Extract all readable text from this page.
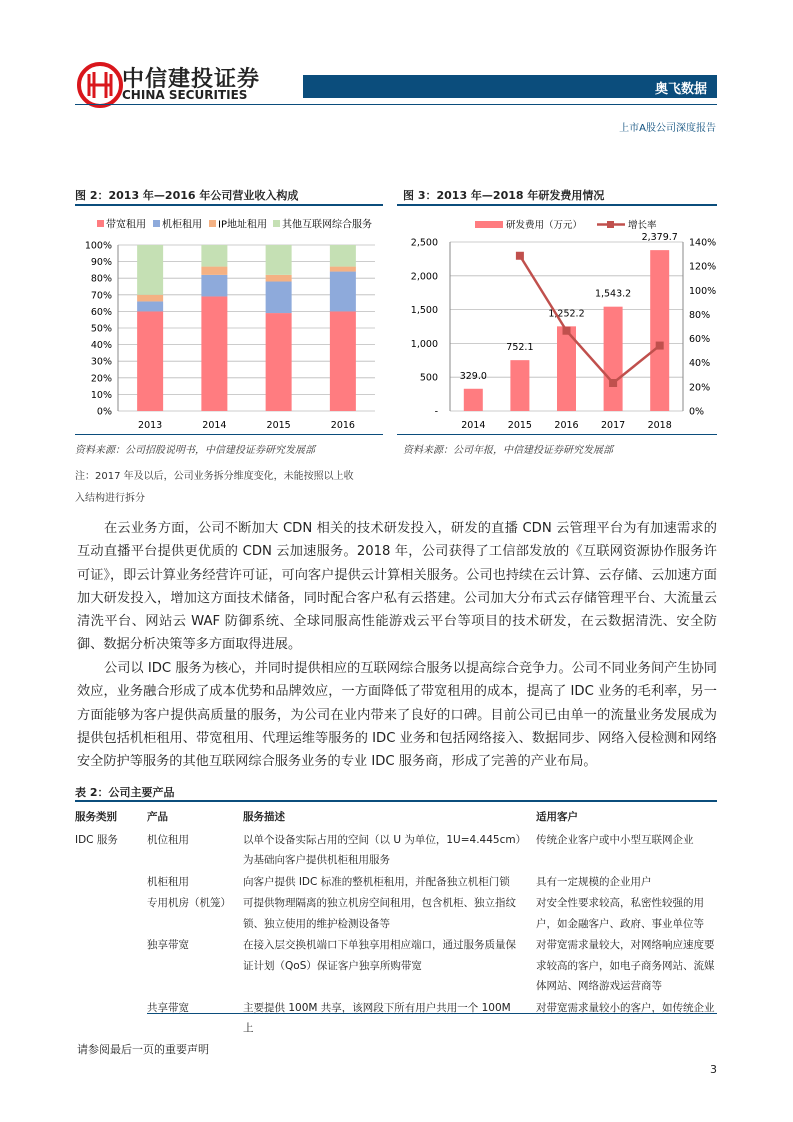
中信建投证券
CHINA SECURITIES	奥飞数据
上市A股公司深度报告
图 2：2013 年—2016 年公司营业收入构成
0%
10%
20%
30%
40%
50%
60%
70%
80%
90%
100%
2013	2014	2015	2016
带宽租用 机柜租用 IP地址租用 其他互联网综合服务
资料来源：公司招股说明书，中信建投证券研究发展部
注：2017 年及以后，公司业务拆分维度变化，未能按照以上收
入结构进行拆分
图 3：2013 年—2018 年研发费用情况
-
500
1,000
1,500
2,000
2,500
0%
20%
40%
60%
80%
100%
120%
140%
329.0
2014
752.1
2015
1,252.2
2016
1,543.2
2017
2,379.7
2018
研发费用（万元）	增长率
资料来源：公司年报，中信建投证券研究发展部
在云业务方面，公司不断加大 CDN 相关的技术研发投入，研发的直播 CDN 云管理平台为有加速需求的互动直播平台提供更优质的 CDN 云加速服务。2018 年，公司获得了工信部发放的《互联网资源协作服务许可证》，即云计算业务经营许可证，可向客户提供云计算相关服务。公司也持续在云计算、云存储、云加速方面加大研发投入，增加这方面技术储备，同时配合客户私有云搭建。公司加大分布式云存储管理平台、大流量云清洗平台、网站云 WAF 防御系统、全球同服高性能游戏云平台等项目的技术研发，在云数据清洗、安全防御、数据分析决策等多方面取得进展。
公司以 IDC 服务为核心，并同时提供相应的互联网综合服务以提高综合竞争力。公司不同业务间产生协同效应，业务融合形成了成本优势和品牌效应，一方面降低了带宽租用的成本，提高了 IDC 业务的毛利率，另一方面能够为客户提供高质量的服务，为公司在业内带来了良好的口碑。目前公司已由单一的流量业务发展成为提供包括机柜租用、带宽租用、代理运维等服务的 IDC 业务和包括网络接入、数据同步、网络入侵检测和网络安全防护等服务的其他互联网综合服务业务的专业 IDC 服务商，形成了完善的产业布局。
表 2：公司主要产品
服务类别	产品	服务描述	适用客户
IDC 服务	机位租用	以单个设备实际占用的空间（以 U 为单位，1U=4.445cm）为基础向客户提供机柜租用服务	传统企业客户或中小型互联网企业
	机柜租用	向客户提供 IDC 标准的整机柜租用，并配备独立机柜门锁	具有一定规模的企业用户
	专用机房（机笼）	可提供物理隔离的独立机房空间租用，包含机柜、独立指纹锁、独立使用的维护检测设备等	对安全性要求较高，私密性较强的用户，如金融客户、政府、事业单位等
	独享带宽	在接入层交换机端口下单独享用相应端口，通过服务质量保证计划（QoS）保证客户独享所购带宽	对带宽需求量较大，对网络响应速度要求较高的客户，如电子商务网站、流媒体网站、网络游戏运营商等
	共享带宽	主要提供 100M 共享，该网段下所有用户共用一个 100M 上	对带宽需求量较小的客户，如传统企业
请参阅最后一页的重要声明
3
